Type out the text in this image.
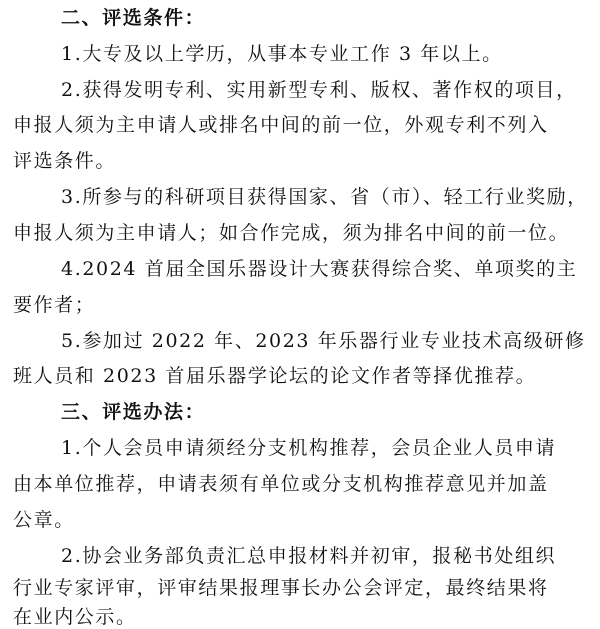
二、评选条件：
1.大专及以上学历，从事本专业工作 3 年以上。
2.获得发明专利、实用新型专利、版权、著作权的项目，
申报人须为主申请人或排名中间的前一位，外观专利不列入
评选条件。
3.所参与的科研项目获得国家、省（市）、轻工行业奖励，
申报人须为主申请人；如合作完成，须为排名中间的前一位。
4.2024 首届全国乐器设计大赛获得综合奖、单项奖的主
要作者；
5.参加过 2022 年、2023 年乐器行业专业技术高级研修
班人员和 2023 首届乐器学论坛的论文作者等择优推荐。
三、评选办法：
1.个人会员申请须经分支机构推荐，会员企业人员申请
由本单位推荐，申请表须有单位或分支机构推荐意见并加盖
公章。
2.协会业务部负责汇总申报材料并初审，报秘书处组织
行业专家评审，评审结果报理事长办公会评定，最终结果将
在业内公示。
